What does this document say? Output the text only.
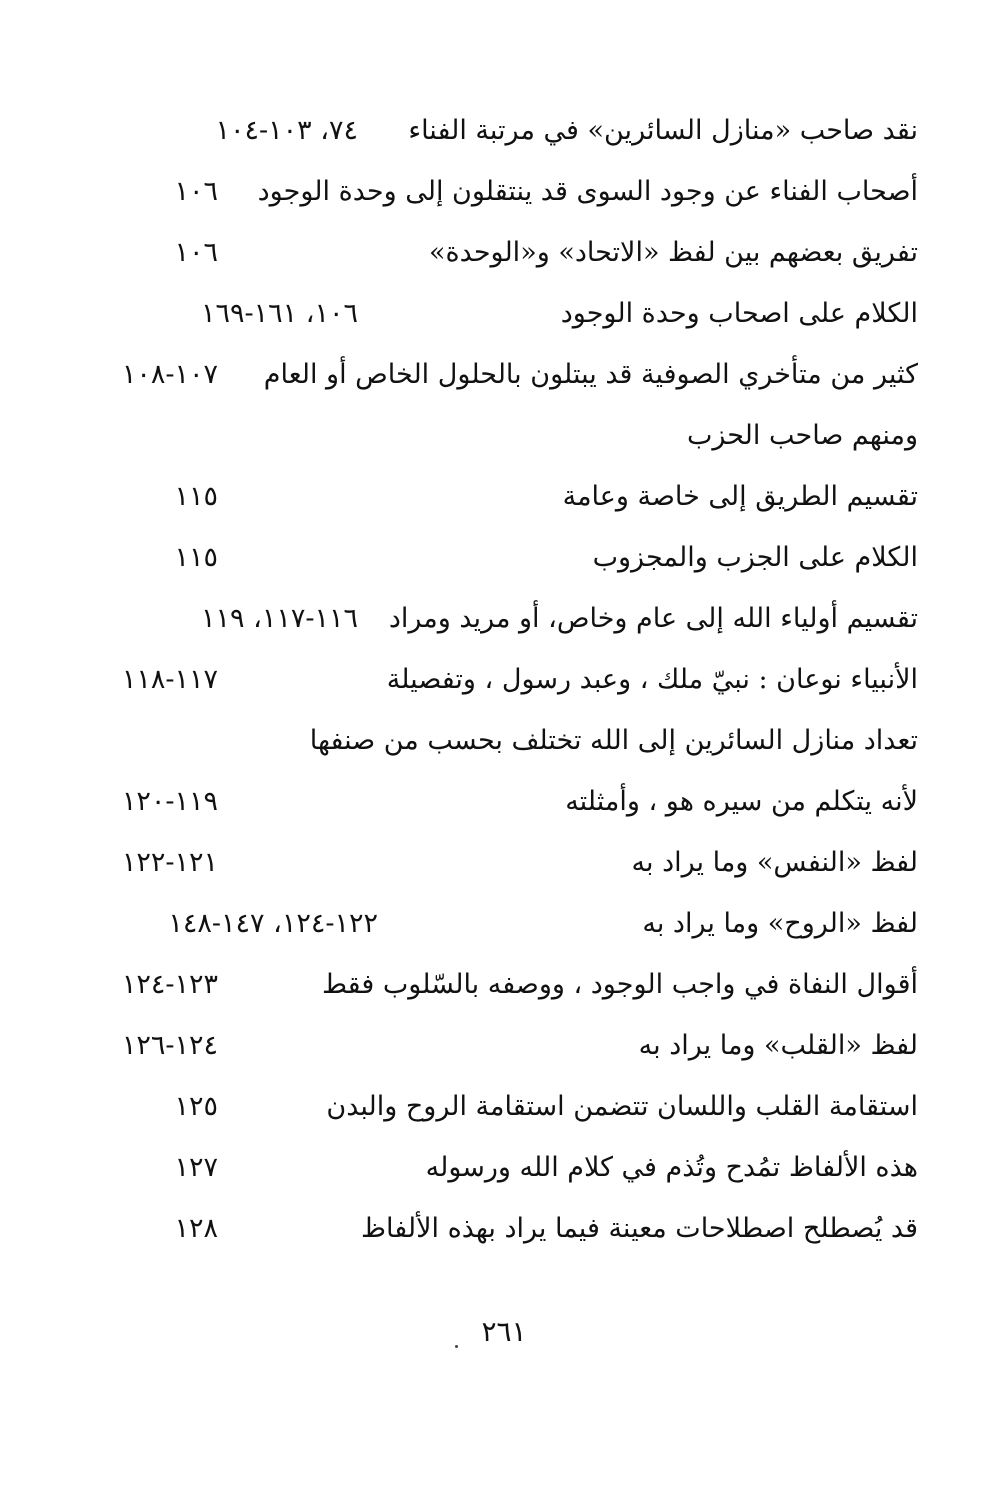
نقد صاحب «منازل السائرين» في مرتبة الفناء
٧٤، ١٠٣-١٠٤
أصحاب الفناء عن وجود السوى قد ينتقلون إلى وحدة الوجود
١٠٦
تفريق بعضهم بين لفظ «الاتحاد» و«الوحدة»
١٠٦
الكلام على اصحاب وحدة الوجود
١٠٦، ١٦١-١٦٩
كثير من متأخري الصوفية قد يبتلون بالحلول الخاص أو العام
١٠٧-١٠٨
ومنهم صاحب الحزب
تقسيم الطريق إلى خاصة وعامة
١١٥
الكلام على الجزب والمجزوب
١١٥
تقسيم أولياء الله إلى عام وخاص، أو مريد ومراد
١١٦-١١٧، ١١٩
الأنبياء نوعان : نبيّ ملك ، وعبد رسول ، وتفصيلة
١١٧-١١٨
تعداد منازل السائرين إلى الله تختلف بحسب من صنفها
لأنه يتكلم من سيره هو ، وأمثلته
١١٩-١٢٠
لفظ «النفس» وما يراد به
١٢١-١٢٢
لفظ «الروح» وما يراد به
١٢٢-١٢٤، ١٤٧-١٤٨
أقوال النفاة في واجب الوجود ، ووصفه بالسّلوب فقط
١٢٣-١٢٤
لفظ «القلب» وما يراد به
١٢٤-١٢٦
استقامة القلب واللسان تتضمن استقامة الروح والبدن
١٢٥
هذه الألفاظ تمُدح وتُذم في كلام الله ورسوله
١٢٧
قد يُصطلح اصطلاحات معينة فيما يراد بهذه الألفاظ
١٢٨
٢٦١
